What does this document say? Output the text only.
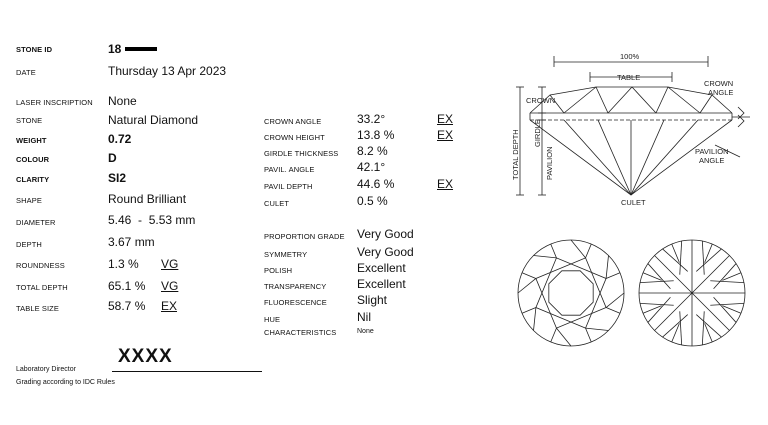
STONE ID	18
DATE	Thursday 13 Apr 2023
LASER INSCRIPTION None
STONE	Natural Diamond
WEIGHT	0.72
COLOUR	D
CLARITY	SI2
SHAPE	Round Brilliant
DIAMETER	5.46  -  5.53 mm
DEPTH	3.67 mm
ROUNDNESS	1.3 % VG
TOTAL DEPTH	65.1 % VG
TABLE SIZE	58.7 % EX
CROWN ANGLE	33.2°	EX
CROWN HEIGHT	13.8 %	EX
GIRDLE THICKNESS 8.2 %
PAVIL. ANGLE	42.1°
PAVIL DEPTH	44.6 %	EX
CULET	0.5 %
PROPORTION GRADE Very Good
SYMMETRY	Very Good
POLISH	Excellent
TRANSPARENCY	Excellent
FLUORESCENCE	Slight
HUE	Nil
CHARACTERISTICS	None
XXXX
Laboratory Director
Grading according to IDC Rules
100%
TABLE
CROWN
ANGLE
CROWN
TOTAL DEPTH GIRDLE
PAVILION	PAVILION
ANGLE
CULET
